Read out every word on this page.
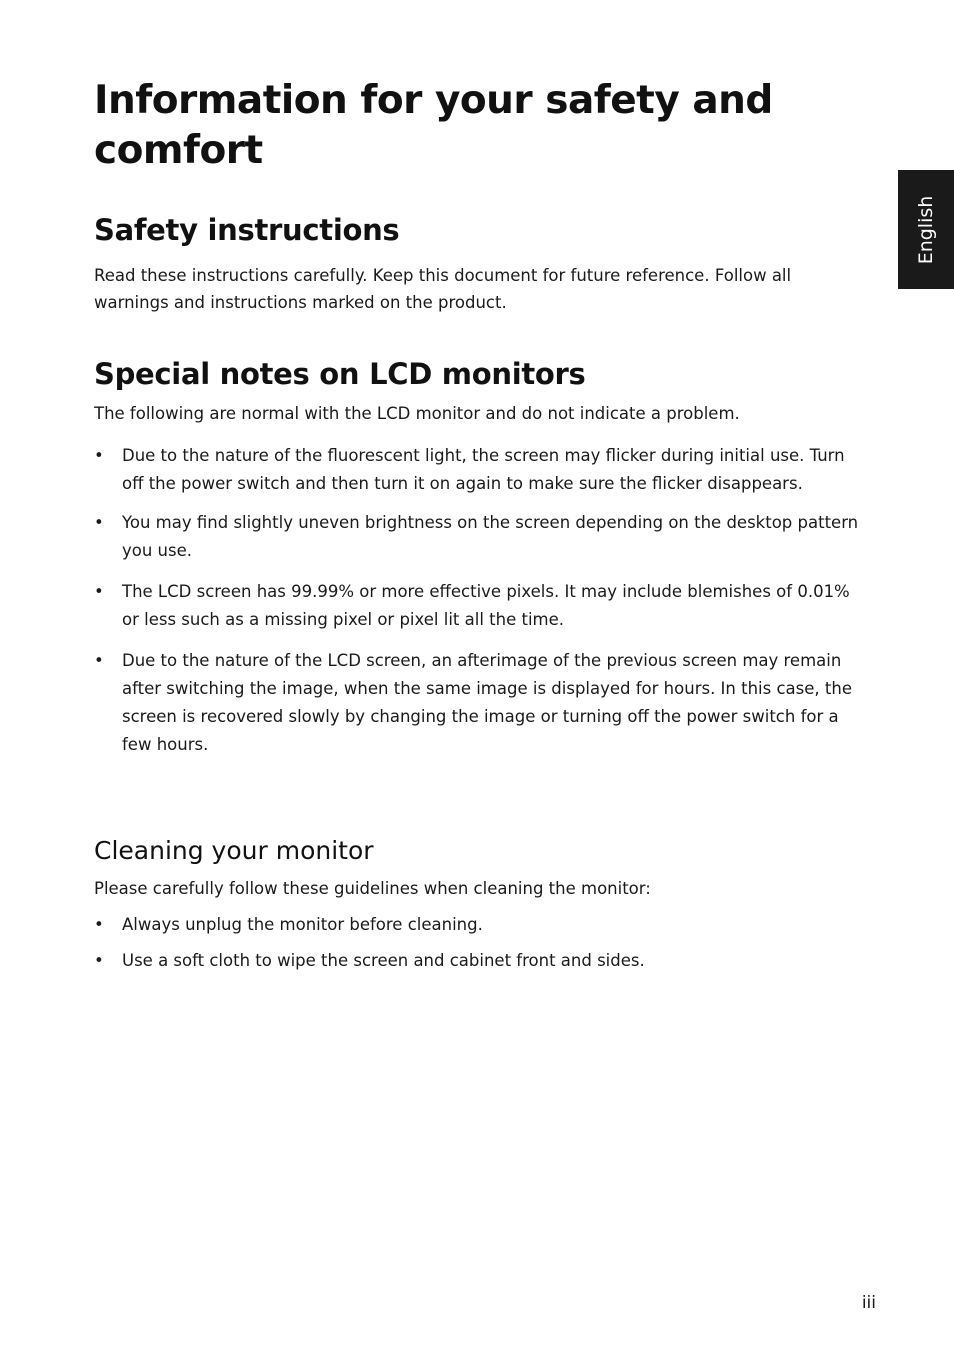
Information for your safety and comfort
Safety instructions

Read these instructions carefully. Keep this document for future reference. Follow all warnings and instructions marked on the product.

Special notes on LCD monitors

The following are normal with the LCD monitor and do not indicate a problem.

• Due to the nature of the fluorescent light, the screen may flicker during initial use. Turn off the power switch and then turn it on again to make sure the flicker disappears.
• You may find slightly uneven brightness on the screen depending on the desktop pattern you use.
• The LCD screen has 99.99% or more effective pixels. It may include blemishes of 0.01% or less such as a missing pixel or pixel lit all the time.
• Due to the nature of the LCD screen, an afterimage of the previous screen may remain after switching the image, when the same image is displayed for hours. In this case, the screen is recovered slowly by changing the image or turning off the power switch for a few hours.
Cleaning your monitor

Please carefully follow these guidelines when cleaning the monitor:

• Always unplug the monitor before cleaning.
• Use a soft cloth to wipe the screen and cabinet front and sides.
English
iii
